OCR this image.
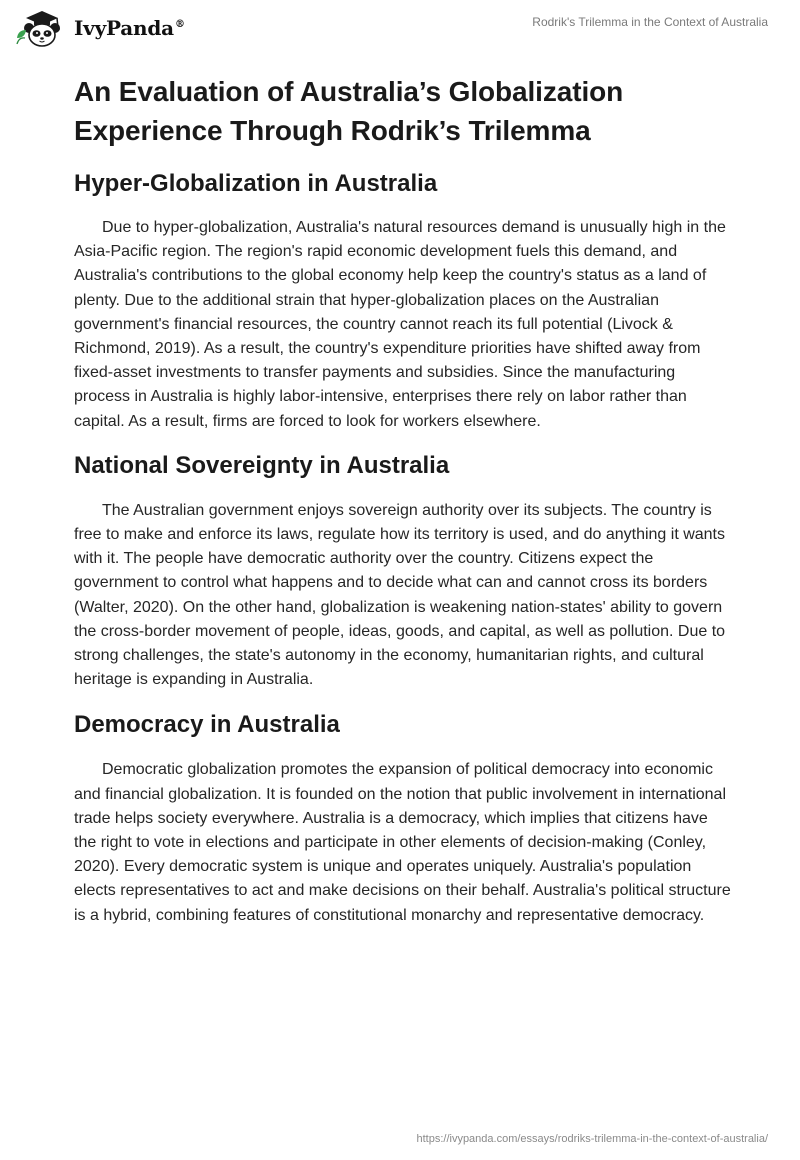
IvyPanda®	Rodrik's Trilemma in the Context of Australia
An Evaluation of Australia’s Globalization Experience Through Rodrik’s Trilemma
Hyper-Globalization in Australia

Due to hyper-globalization, Australia's natural resources demand is unusually high in the Asia-Pacific region. The region's rapid economic development fuels this demand, and Australia's contributions to the global economy help keep the country's status as a land of plenty. Due to the additional strain that hyper-globalization places on the Australian government's financial resources, the country cannot reach its full potential (Livock & Richmond, 2019). As a result, the country's expenditure priorities have shifted away from fixed-asset investments to transfer payments and subsidies. Since the manufacturing process in Australia is highly labor-intensive, enterprises there rely on labor rather than capital. As a result, firms are forced to look for workers elsewhere.

National Sovereignty in Australia

The Australian government enjoys sovereign authority over its subjects. The country is free to make and enforce its laws, regulate how its territory is used, and do anything it wants with it. The people have democratic authority over the country. Citizens expect the government to control what happens and to decide what can and cannot cross its borders (Walter, 2020). On the other hand, globalization is weakening nation-states' ability to govern the cross-border movement of people, ideas, goods, and capital, as well as pollution. Due to strong challenges, the state's autonomy in the economy, humanitarian rights, and cultural heritage is expanding in Australia.

Democracy in Australia

Democratic globalization promotes the expansion of political democracy into economic and financial globalization. It is founded on the notion that public involvement in international trade helps society everywhere. Australia is a democracy, which implies that citizens have the right to vote in elections and participate in other elements of decision-making (Conley, 2020). Every democratic system is unique and operates uniquely. Australia's population elects representatives to act and make decisions on their behalf. Australia's political structure is a hybrid, combining features of constitutional monarchy and representative democracy.

https://ivypanda.com/essays/rodriks-trilemma-in-the-context-of-australia/
